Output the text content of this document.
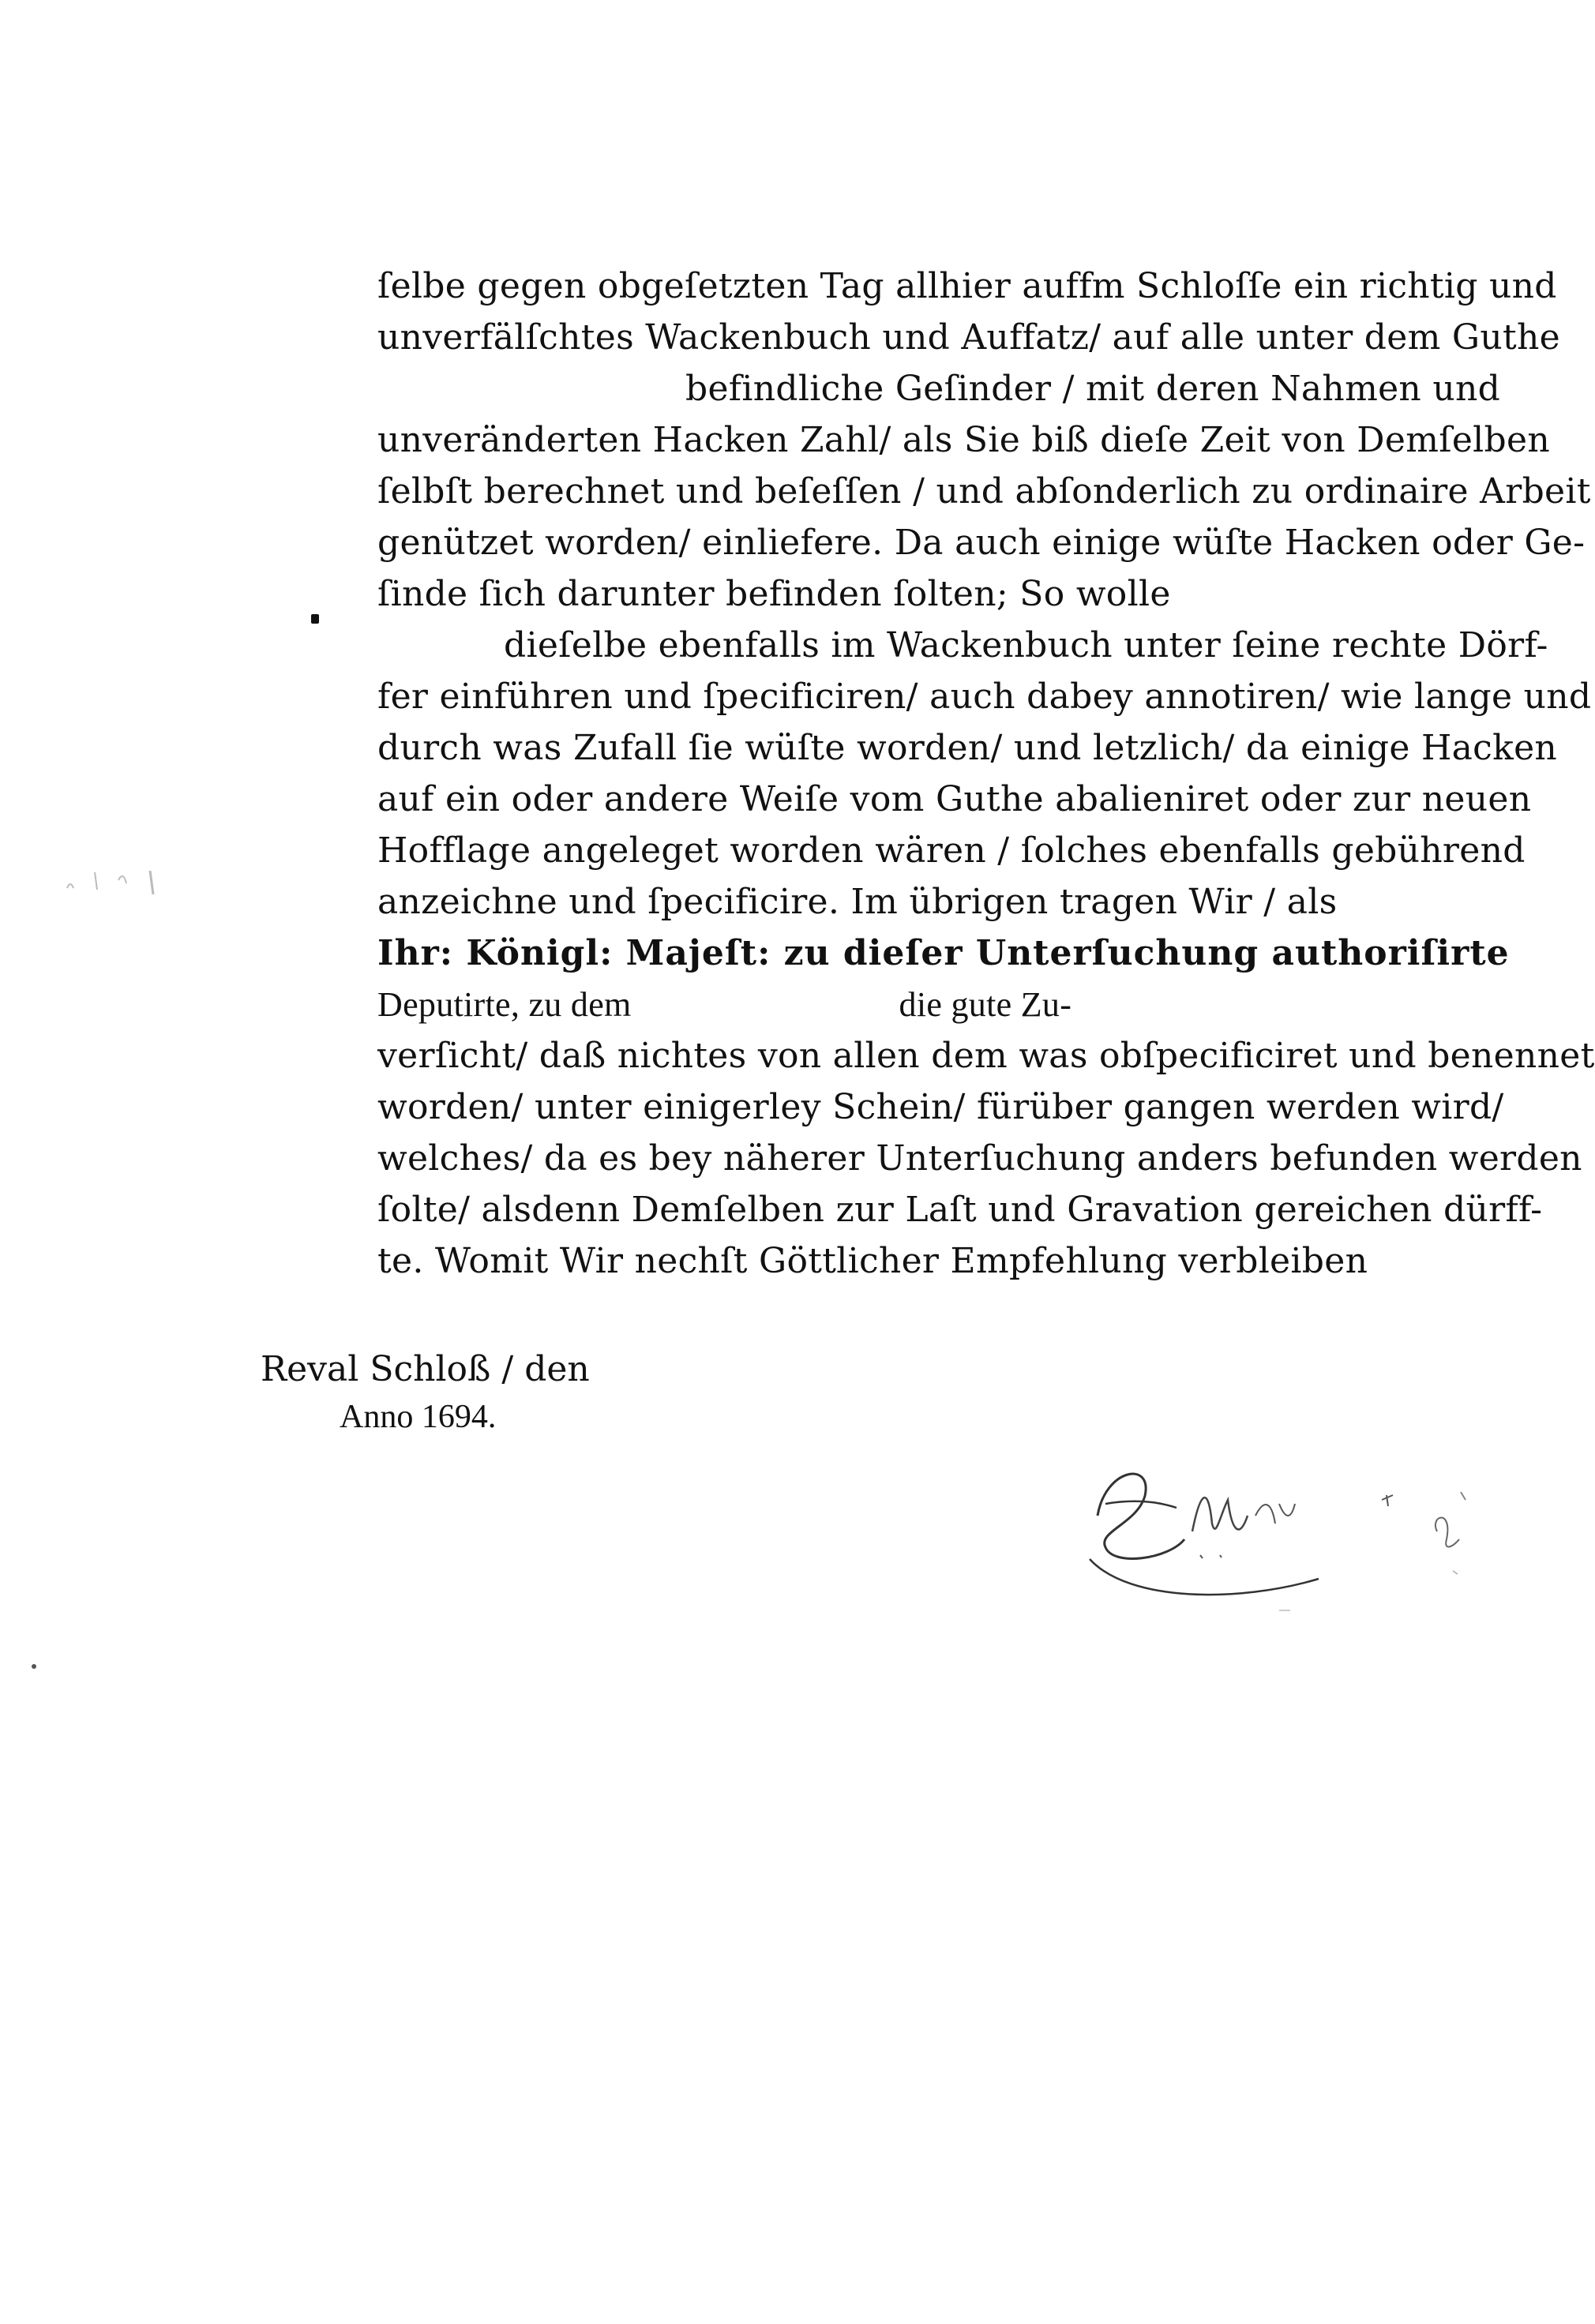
ſelbe gegen obgeſetzten Tag allhier auffm Schloſſe ein richtig und
unverfälſchtes Wackenbuch und Auffatz/ auf alle unter dem Guthe
befindliche Geſinder / mit deren Nahmen und
unveränderten Hacken Zahl/ als Sie biß dieſe Zeit von Demſelben
ſelbſt berechnet und beſeſſen / und abſonderlich zu ordinaire Arbeit
genützet worden/ einliefere. Da auch einige wüſte Hacken oder Ge-
ſinde ſich darunter befinden ſolten; So wolle
dieſelbe ebenfalls im Wackenbuch unter ſeine rechte Dörf-
fer einführen und ſpecificiren/ auch dabey annotiren/ wie lange und
durch was Zufall ſie wüſte worden/ und letzlich/ da einige Hacken
auf ein oder andere Weiſe vom Guthe abalieniret oder zur neuen
Hofflage angeleget worden wären / ſolches ebenfalls gebührend
anzeichne und ſpecificire. Im übrigen tragen Wir / als
Ihr: Königl: Majeſt: zu dieſer Unterſuchung authoriſirte
Deputirte, zu dem                              die gute Zu-
verſicht/ daß nichtes von allen dem was obſpecificiret und benennet
worden/ unter einigerley Schein/ fürüber gangen werden wird/
welches/ da es bey näherer Unterſuchung anders befunden werden
ſolte/ alsdenn Demſelben zur Laſt und Gravation gereichen dürff-
te. Womit Wir nechſt Göttlicher Empfehlung verbleiben
Reval Schloß / den
Anno 1694.
